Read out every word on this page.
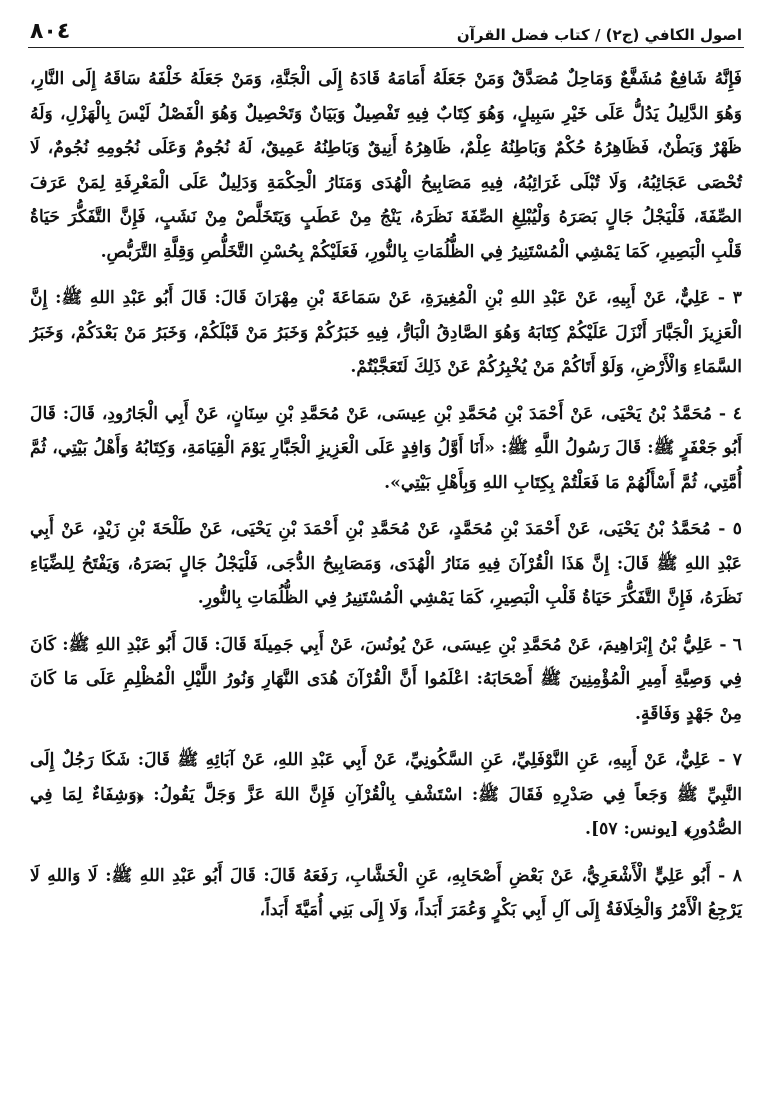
اصول الكافي (ج٢) / كتاب فضل القرآن
٨٠٤

فَإِنَّهُ شَافِعٌ مُشَفَّعٌ وَمَاحِلٌ مُصَدَّقٌ وَمَنْ جَعَلَهُ أَمَامَهُ قَادَهُ إِلَى الْجَنَّةِ، وَمَنْ جَعَلَهُ خَلْفَهُ سَاقَهُ إِلَى النَّارِ، وَهُوَ الدَّلِيلُ يَدُلُّ عَلَى خَيْرِ سَبِيلٍ، وَهُوَ كِتَابٌ فِيهِ تَفْصِيلٌ وَبَيَانٌ وَتَحْصِيلٌ وَهُوَ الْفَصْلُ لَيْسَ بِالْهَزْلِ، وَلَهُ ظَهْرٌ وَبَطْنٌ، فَظَاهِرُهُ حُكْمٌ وَبَاطِنُهُ عِلْمٌ، ظَاهِرُهُ أَنِيقٌ وَبَاطِنُهُ عَمِيقٌ، لَهُ نُجُومٌ وَعَلَى نُجُومِهِ نُجُومٌ، لَا تُحْصَى عَجَائِبُهُ، وَلَا تُبْلَى غَرَائِبُهُ، فِيهِ مَصَابِيحُ الْهُدَى وَمَنَارُ الْحِكْمَةِ وَدَلِيلٌ عَلَى الْمَعْرِفَةِ لِمَنْ عَرَفَ الصِّفَةَ، فَلْيَجْلُ جَالٍ بَصَرَهُ وَلْيُبْلِغِ الصِّفَةَ نَظَرَهُ، يَنْجُ مِنْ عَطَبٍ وَيَتَخَلَّصْ مِنْ نَشَبٍ، فَإِنَّ التَّفَكُّرَ حَيَاةُ قَلْبِ الْبَصِيرِ، كَمَا يَمْشِي الْمُسْتَنِيرُ فِي الظُّلُمَاتِ بِالنُّورِ، فَعَلَيْكُمْ بِحُسْنِ التَّخَلُّصِ وَقِلَّةِ التَّرَبُّصِ.

٣ - عَلِيٌّ، عَنْ أَبِيهِ، عَنْ عَبْدِ اللهِ بْنِ الْمُغِيرَةِ، عَنْ سَمَاعَةَ بْنِ مِهْرَانَ قَالَ: قَالَ أَبُو عَبْدِ اللهِ ﷺ: إِنَّ الْعَزِيزَ الْجَبَّارَ أَنْزَلَ عَلَيْكُمْ كِتَابَهُ وَهُوَ الصَّادِقُ الْبَارُّ، فِيهِ خَبَرُكُمْ وَخَبَرُ مَنْ قَبْلَكُمْ، وَخَبَرُ مَنْ بَعْدَكُمْ، وَخَبَرُ السَّمَاءِ وَالْأَرْضِ، وَلَوْ أَتَاكُمْ مَنْ يُخْبِرُكُمْ عَنْ ذَلِكَ لَتَعَجَّبْتُمْ.

٤ - مُحَمَّدُ بْنُ يَحْيَى، عَنْ أَحْمَدَ بْنِ مُحَمَّدِ بْنِ عِيسَى، عَنْ مُحَمَّدِ بْنِ سِنَانٍ، عَنْ أَبِي الْجَارُودِ، قَالَ: قَالَ أَبُو جَعْفَرٍ ﷺ: قَالَ رَسُولُ اللَّهِ ﷺ: «أَنَا أَوَّلُ وَافِدٍ عَلَى الْعَزِيزِ الْجَبَّارِ يَوْمَ الْقِيَامَةِ، وَكِتَابُهُ وَأَهْلُ بَيْتِي، ثُمَّ أُمَّتِي، ثُمَّ أَسْأَلُهُمْ مَا فَعَلْتُمْ بِكِتَابِ اللهِ وَبِأَهْلِ بَيْتِي».

٥ - مُحَمَّدُ بْنُ يَحْيَى، عَنْ أَحْمَدَ بْنِ مُحَمَّدٍ، عَنْ مُحَمَّدِ بْنِ أَحْمَدَ بْنِ يَحْيَى، عَنْ طَلْحَةَ بْنِ زَيْدٍ، عَنْ أَبِي عَبْدِ اللهِ ﷺ قَالَ: إِنَّ هَذَا الْقُرْآنَ فِيهِ مَنَارُ الْهُدَى، وَمَصَابِيحُ الدُّجَى، فَلْيَجْلُ جَالٍ بَصَرَهُ، وَيَفْتَحُ لِلضِّيَاءِ نَظَرَهُ، فَإِنَّ التَّفَكُّرَ حَيَاةُ قَلْبِ الْبَصِيرِ، كَمَا يَمْشِي الْمُسْتَنِيرُ فِي الظُّلُمَاتِ بِالنُّورِ.

٦ - عَلِيُّ بْنُ إِبْرَاهِيمَ، عَنْ مُحَمَّدِ بْنِ عِيسَى، عَنْ يُونُسَ، عَنْ أَبِي جَمِيلَةَ قَالَ: قَالَ أَبُو عَبْدِ اللهِ ﷺ: كَانَ فِي وَصِيَّةِ أَمِيرِ الْمُؤْمِنِينَ ﷺ أَصْحَابَهُ: اعْلَمُوا أَنَّ الْقُرْآنَ هُدَى النَّهَارِ وَنُورُ اللَّيْلِ الْمُظْلِمِ عَلَى مَا كَانَ مِنْ جَهْدٍ وَفَاقَةٍ.

٧ - عَلِيٌّ، عَنْ أَبِيهِ، عَنِ النَّوْفَلِيِّ، عَنِ السَّكُونِيِّ، عَنْ أَبِي عَبْدِ اللهِ، عَنْ آبَائِهِ ﷺ قَالَ: شَكَا رَجُلٌ إِلَى النَّبِيِّ ﷺ وَجَعاً فِي صَدْرِهِ فَقَالَ ﷺ: اسْتَشْفِ بِالْقُرْآنِ فَإِنَّ اللهَ عَزَّ وَجَلَّ يَقُولُ: ﴿وَشِفَاءٌ لِمَا فِي الصُّدُورِ﴾ [يونس: ٥٧].

٨ - أَبُو عَلِيٍّ الْأَشْعَرِيُّ، عَنْ بَعْضِ أَصْحَابِهِ، عَنِ الْخَشَّابِ، رَفَعَهُ قَالَ: قَالَ أَبُو عَبْدِ اللهِ ﷺ: لَا وَاللهِ لَا يَرْجِعُ الْأَمْرُ وَالْخِلَافَةُ إِلَى آلِ أَبِي بَكْرٍ وَعُمَرَ أَبَداً، وَلَا إِلَى بَنِي أُمَيَّةَ أَبَداً،
